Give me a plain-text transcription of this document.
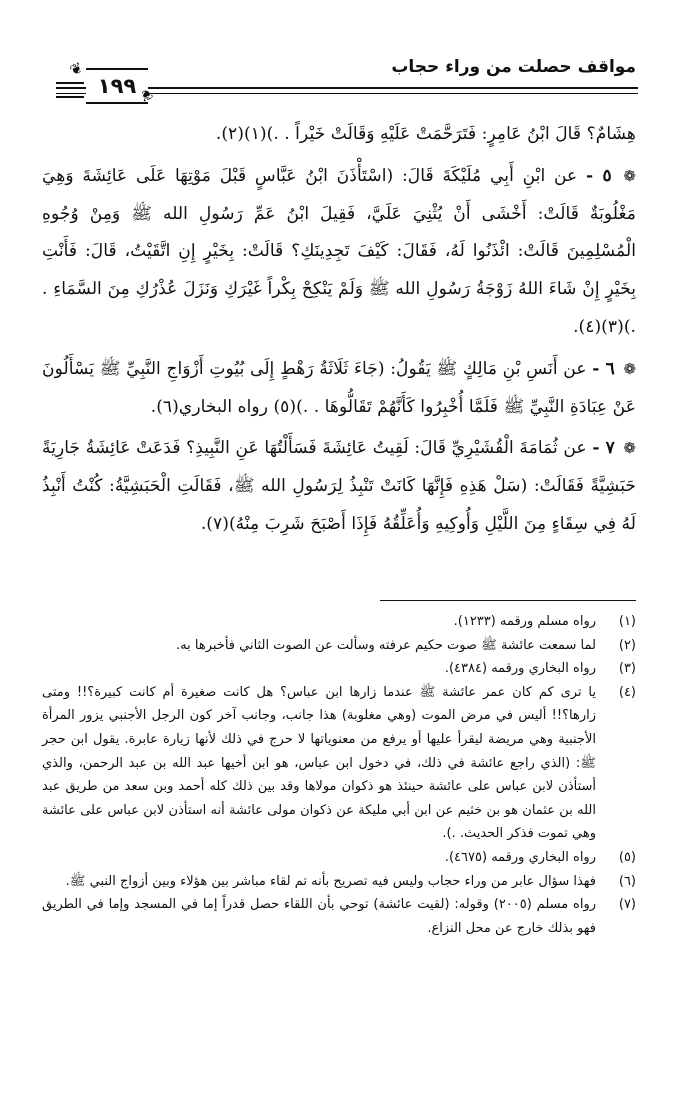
مواقف حصلت من وراء حجاب
١٩٩
❦
❦

هِشَامٌ؟ قَالَ ابْنُ عَامِرٍ: فَتَرَحَّمَتْ عَلَيْهِ وَقَالَتْ خَيْراً . .)(١)(٢).

❁ ٥ - عن ابْنِ أَبِي مُلَيْكَةَ قَالَ: (اسْتَأْذَنَ ابْنُ عَبَّاسٍ قَبْلَ مَوْتِهَا عَلَى عَائِشَةَ وَهِيَ مَغْلُوبَةٌ قَالَتْ: أَخْشَى أَنْ يُثْنِيَ عَلَيَّ، فَقِيلَ ابْنُ عَمِّ رَسُولِ الله ﷺ وَمِنْ وُجُوهِ الْمُسْلِمِينَ قَالَتْ: ائْذَنُوا لَهُ، فَقَالَ: كَيْفَ تَجِدِينَكِ؟ قَالَتْ: بِخَيْرٍ إِنِ اتَّقَيْتُ، قَالَ: فَأَنْتِ بِخَيْرٍ إِنْ شَاءَ اللهُ زَوْجَةُ رَسُولِ الله ﷺ وَلَمْ يَنْكِحْ بِكْراً غَيْرَكِ وَنَزَلَ عُذْرُكِ مِنَ السَّمَاءِ . .)(٣)(٤).

❁ ٦ - عن أَنَسِ بْنِ مَالِكٍ ﷺ يَقُولُ: (جَاءَ ثَلَاثَةُ رَهْطٍ إِلَى بُيُوتِ أَزْوَاجِ النَّبِيِّ ﷺ يَسْأَلُونَ عَنْ عِبَادَةِ النَّبِيِّ ﷺ فَلَمَّا أُخْبِرُوا كَأَنَّهُمْ تَقَالُّوهَا . .)(٥) رواه البخاري(٦).

❁ ٧ - عن ثُمَامَةَ الْقُشَيْرِيِّ قَالَ: لَقِيتُ عَائِشَةَ فَسَأَلْتُهَا عَنِ النَّبِيذِ؟ فَدَعَتْ عَائِشَةُ جَارِيَةً حَبَشِيَّةً فَقَالَتْ: (سَلْ هَذِهِ فَإِنَّهَا كَانَتْ تَنْبِذُ لِرَسُولِ الله ﷺ، فَقَالَتِ الْحَبَشِيَّةُ: كُنْتُ أَنْبِذُ لَهُ فِي سِقَاءٍ مِنَ اللَّيْلِ وَأُوكِيهِ وَأُعَلِّقُهُ فَإِذَا أَصْبَحَ شَرِبَ مِنْهُ)(٧).

(١)
رواه مسلم ورقمه (١٢٣٣).
(٢)
لما سمعت عائشة ﷺ صوت حكيم عرفته وسألت عن الصوت الثاني فأخبرها به.
(٣)
رواه البخاري ورقمه (٤٣٨٤).
(٤)
يا ترى كم كان عمر عائشة ﷺ عندما زارها ابن عباس؟ هل كانت صغيرة أم كانت كبيرة؟!! ومتى زارها؟!! أليس في مرض الموت (وهي مغلوبة) هذا جانب، وجانب آخر كون الرجل الأجنبي يزور المرأة الأجنبية وهي مريضة ليقرأ عليها أو يرفع من معنوياتها لا حرج في ذلك لأنها زيارة عابرة. يقول ابن حجر ﷺ: (الذي راجع عائشة في ذلك، في دخول ابن عباس، هو ابن أخيها عبد الله بن عبد الرحمن، والذي أستأذن لابن عباس على عائشة حينئذ هو ذكوان مولاها وقد بين ذلك كله أحمد وبن سعد من طريق عبد الله بن عثمان هو بن خثيم عن ابن أبي مليكة عن ذكوان مولى عائشة أنه استأذن لابن عباس على عائشة وهي تموت فذكر الحديث. .).
(٥)
رواه البخاري ورقمه (٤٦٧٥).
(٦)
فهذا سؤال عابر من وراء حجاب وليس فيه تصريح بأنه تم لقاء مباشر بين هؤلاء وبين أزواج النبي ﷺ.
(٧)
رواه مسلم (٢٠٠٥) وقوله: (لقيت عائشة) توحي بأن اللقاء حصل قدراً إما في المسجد وإما في الطريق فهو بذلك خارج عن محل النزاع.
